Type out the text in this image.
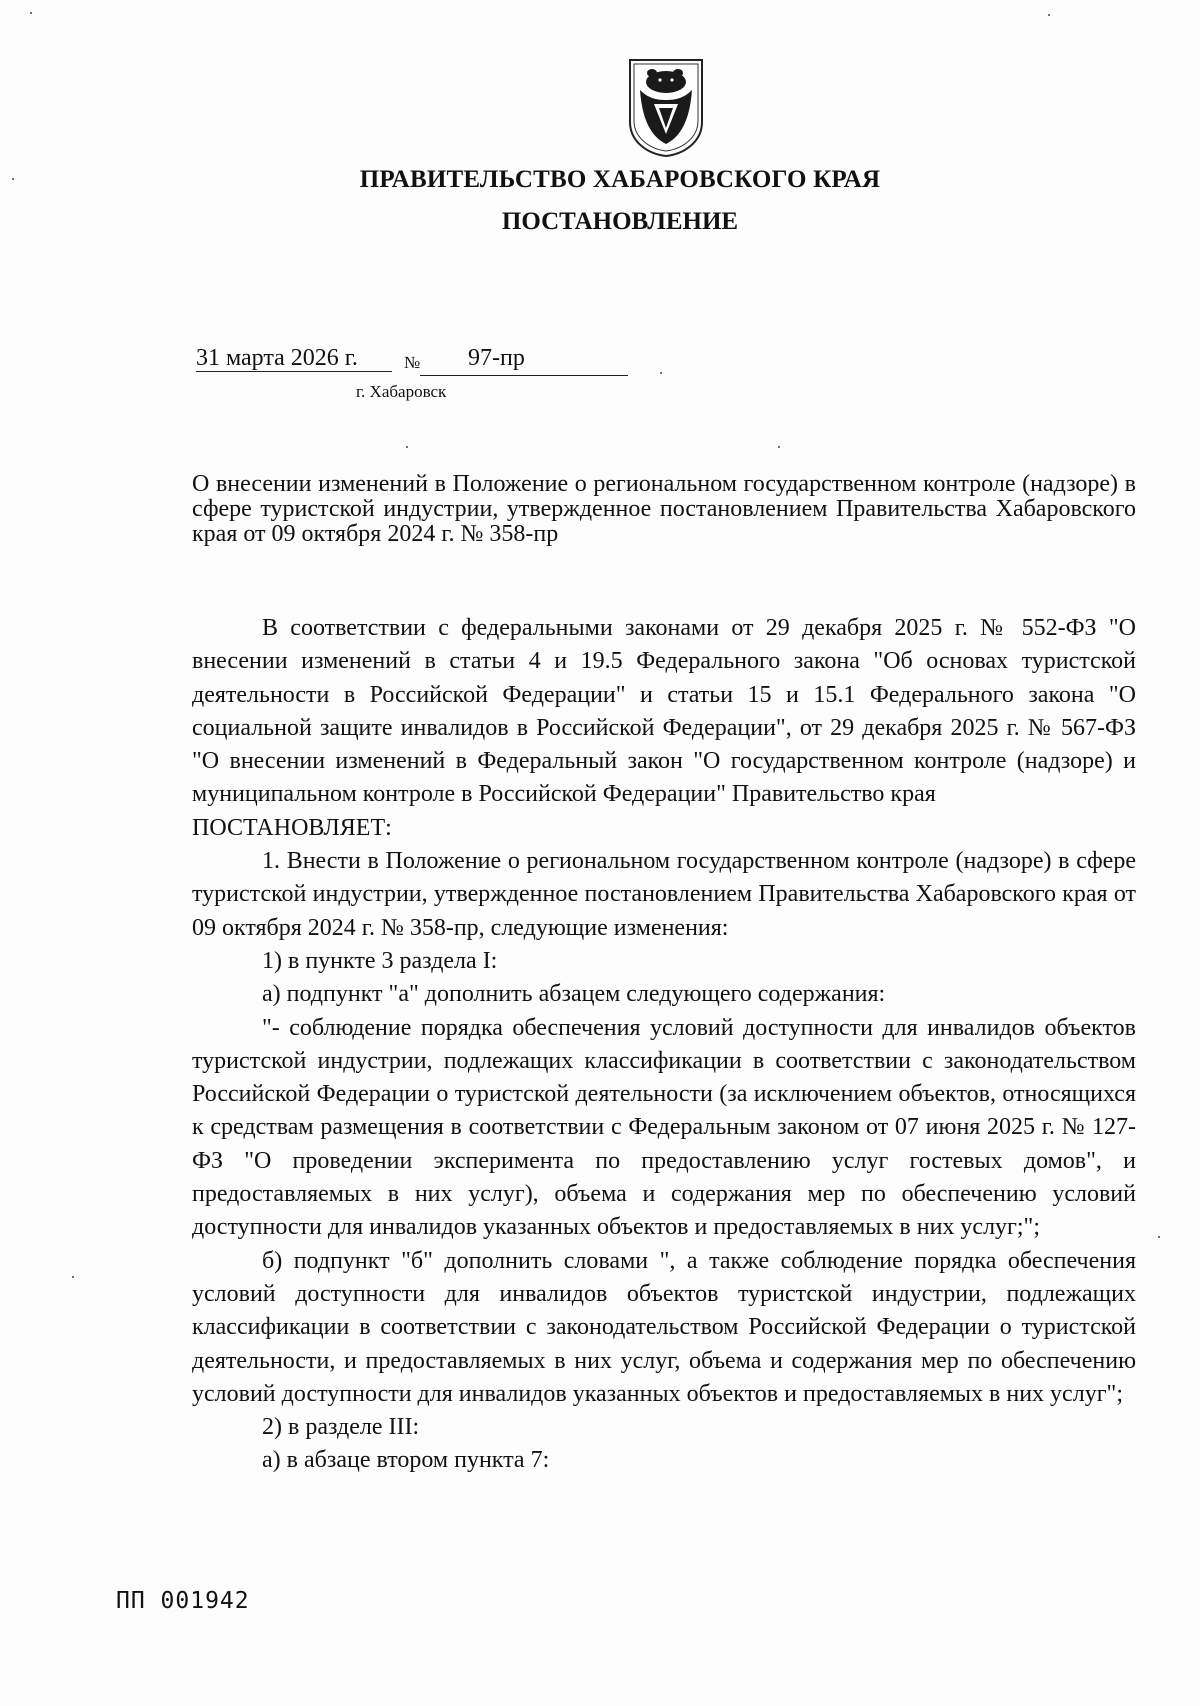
ПРАВИТЕЛЬСТВО ХАБАРОВСКОГО КРАЯ
ПОСТАНОВЛЕНИЕ
31 марта 2026 г.	№ 97-пр
г. Хабаровск
О внесении изменений в Положение о региональном государственном контроле (надзоре) в сфере туристской индустрии, утвержденное постановлением Правительства Хабаровского края от 09 октября 2024 г. № 358-пр

В соответствии с федеральными законами от 29 декабря 2025 г. № 552-ФЗ "О внесении изменений в статьи 4 и 19.5 Федерального закона "Об основах туристской деятельности в Российской Федерации" и статьи 15 и 15.1 Федерального закона "О социальной защите инвалидов в Российской Федерации", от 29 декабря 2025 г. № 567-ФЗ "О внесении изменений в Федеральный закон "О государственном контроле (надзоре) и муниципальном контроле в Российской Федерации" Правительство края

ПОСТАНОВЛЯЕТ:

1. Внести в Положение о региональном государственном контроле (надзоре) в сфере туристской индустрии, утвержденное постановлением Правительства Хабаровского края от 09 октября 2024 г. № 358-пр, следующие изменения:

1) в пункте 3 раздела I:

а) подпункт "а" дополнить абзацем следующего содержания:

"- соблюдение порядка обеспечения условий доступности для инвалидов объектов туристской индустрии, подлежащих классификации в соответствии с законодательством Российской Федерации о туристской деятельности (за исключением объектов, относящихся к средствам размещения в соответствии с Федеральным законом от 07 июня 2025 г. № 127-ФЗ "О проведении эксперимента по предоставлению услуг гостевых домов", и предоставляемых в них услуг), объема и содержания мер по обеспечению условий доступности для инвалидов указанных объектов и предоставляемых в них услуг;";

б) подпункт "б" дополнить словами ", а также соблюдение порядка обеспечения условий доступности для инвалидов объектов туристской индустрии, подлежащих классификации в соответствии с законодательством Российской Федерации о туристской деятельности, и предоставляемых в них услуг, объема и содержания мер по обеспечению условий доступности для инвалидов указанных объектов и предоставляемых в них услуг";

2) в разделе III:

а) в абзаце втором пункта 7:

ПП 001942
